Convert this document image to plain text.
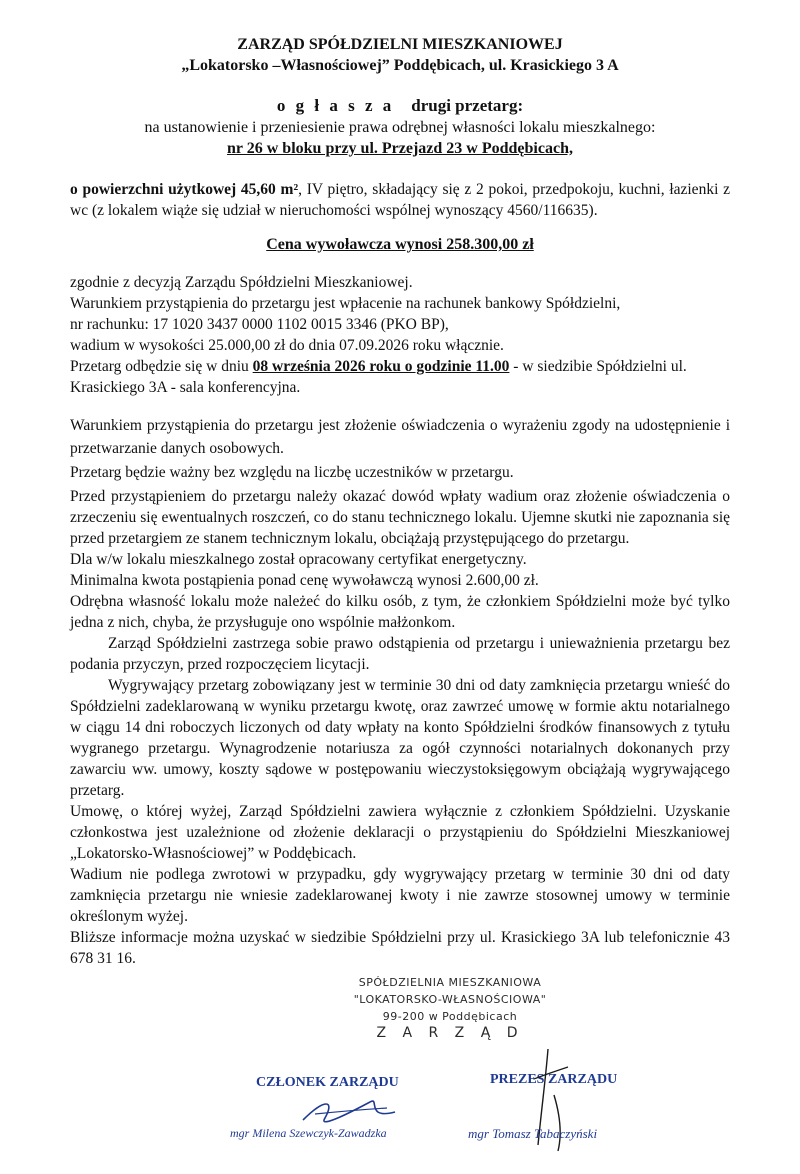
ZARZĄD SPÓŁDZIELNI MIESZKANIOWEJ
„Lokatorsko –Własnościowej” Poddębicach, ul. Krasickiego 3 A
o g ł a s z a drugi przetarg:
na ustanowienie i przeniesienie prawa odrębnej własności lokalu mieszkalnego:
nr 26 w bloku przy ul. Przejazd 23 w Poddębicach,
o powierzchni użytkowej 45,60 m², IV piętro, składający się z 2 pokoi, przedpokoju, kuchni, łazienki z wc (z lokalem wiąże się udział w nieruchomości wspólnej wynoszący 4560/116635).
Cena wywoławcza wynosi 258.300,00 zł
zgodnie z decyzją Zarządu Spółdzielni Mieszkaniowej.
Warunkiem przystąpienia do przetargu jest wpłacenie na rachunek bankowy Spółdzielni,
nr rachunku: 17 1020 3437 0000 1102 0015 3346 (PKO BP),
wadium w wysokości 25.000,00 zł do dnia 07.09.2026 roku włącznie.
Przetarg odbędzie się w dniu 08 września 2026 roku o godzinie 11.00 - w siedzibie Spółdzielni ul. Krasickiego 3A - sala konferencyjna.
Warunkiem przystąpienia do przetargu jest złożenie oświadczenia o wyrażeniu zgody na udostępnienie i przetwarzanie danych osobowych.
Przetarg będzie ważny bez względu na liczbę uczestników w przetargu.
Przed przystąpieniem do przetargu należy okazać dowód wpłaty wadium oraz złożenie oświadczenia o zrzeczeniu się ewentualnych roszczeń, co do stanu technicznego lokalu. Ujemne skutki nie zapoznania się przed przetargiem ze stanem technicznym lokalu, obciążają przystępującego do przetargu.
Dla w/w lokalu mieszkalnego został opracowany certyfikat energetyczny.
Minimalna kwota postąpienia ponad cenę wywoławczą wynosi 2.600,00 zł.
Odrębna własność lokalu może należeć do kilku osób, z tym, że członkiem Spółdzielni może być tylko jedna z nich, chyba, że przysługuje ono wspólnie małżonkom.
Zarząd Spółdzielni zastrzega sobie prawo odstąpienia od przetargu i unieważnienia przetargu bez podania przyczyn, przed rozpoczęciem licytacji.
Wygrywający przetarg zobowiązany jest w terminie 30 dni od daty zamknięcia przetargu wnieść do Spółdzielni zadeklarowaną w wyniku przetargu kwotę, oraz zawrzeć umowę w formie aktu notarialnego w ciągu 14 dni roboczych liczonych od daty wpłaty na konto Spółdzielni środków finansowych z tytułu wygranego przetargu. Wynagrodzenie notariusza za ogół czynności notarialnych dokonanych przy zawarciu ww. umowy, koszty sądowe w postępowaniu wieczystoksięgowym obciążają wygrywającego przetarg.
Umowę, o której wyżej, Zarząd Spółdzielni zawiera wyłącznie z członkiem Spółdzielni. Uzyskanie członkostwa jest uzależnione od złożenie deklaracji o przystąpieniu do Spółdzielni Mieszkaniowej „Lokatorsko-Własnościowej” w Poddębicach.
Wadium nie podlega zwrotowi w przypadku, gdy wygrywający przetarg w terminie 30 dni od daty zamknięcia przetargu nie wniesie zadeklarowanej kwoty i nie zawrze stosownej umowy w terminie określonym wyżej.
Bliższe informacje można uzyskać w siedzibie Spółdzielni przy ul. Krasickiego 3A lub telefonicznie 43 678 31 16.
SPÓŁDZIELNIA MIESZKANIOWA
"LOKATORSKO-WŁASNOŚCIOWA"
99-200 w Poddębicach
Z A R Z Ą D
CZŁONEK ZARZĄDU
mgr Milena Szewczyk-Zawadzka
PREZES ZARZĄDU
mgr Tomasz Tabaczyński
